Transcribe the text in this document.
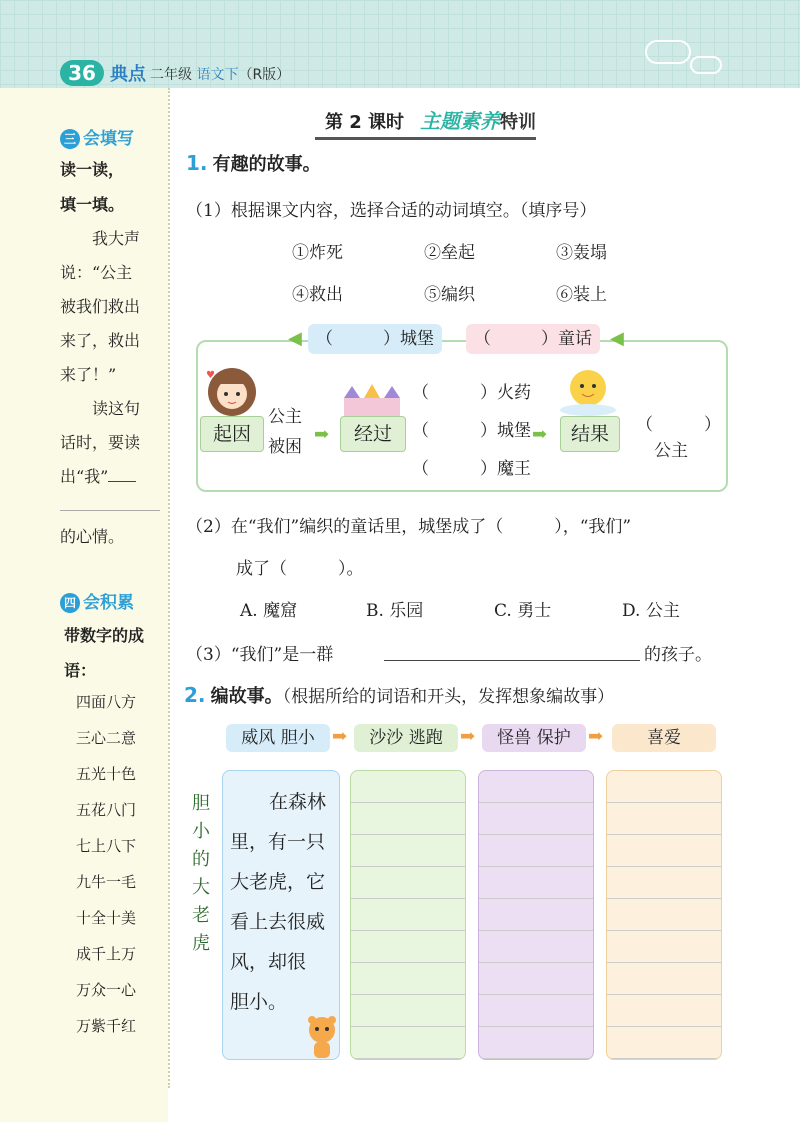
36 典点 二年级 语文下（R版）
三 会填写
读一读，
填一填。
我大声
说：“公主
被我们救出
来了，救出
来了！”
读这句
话时，要读
出“我”
的心情。
四 会积累
带数字的成
语：
四面八方
三心二意
五光十色
五花八门
七上八下
九牛一毛
十全十美
成千上万
万众一心
万紫千红
第 2 课时 主题素养特训
1. 有趣的故事。
（1）根据课文内容，选择合适的动词填空。（填序号）
①炸死	②垒起	③轰塌
④救出	⑤编织	⑥装上
◀	◀
（	）城堡	（	）童话
♥
起因
公主
被困
➡	经过
（　　　）火药
（　　　）城堡
（　　　）魔王
➡	结果	（　　　）
公主
（2）在“我们”编织的童话里，城堡成了（　　　），“我们”
成了（　　　）。
A. 魔窟	B. 乐园	C. 勇士	D. 公主
（3）“我们”是一群	的孩子。
2. 编故事。（根据所给的词语和开头，发挥想象编故事）
威风 胆小 ➡	沙沙 逃跑 ➡	怪兽 保护 ➡	喜爱
胆
小
的
大
老
虎
　在森林
里，有一只
大老虎，它
看上去很威
风，却很
胆小。
